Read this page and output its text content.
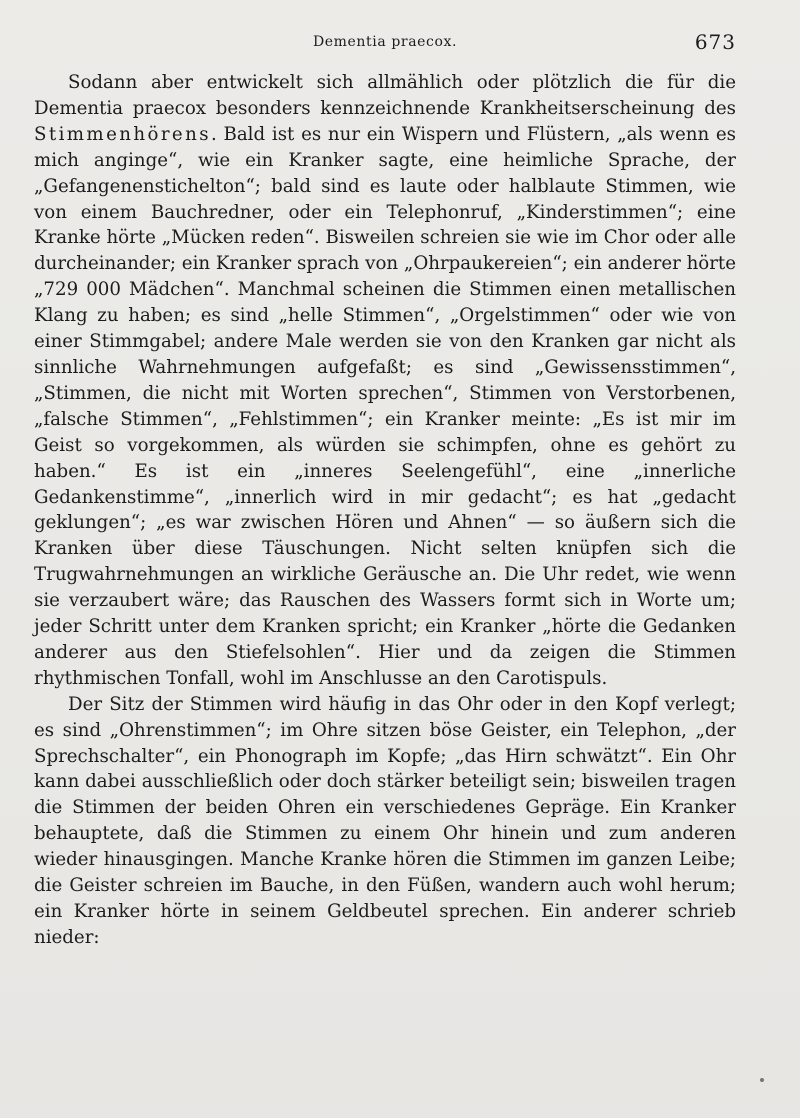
Dementia praecox.	673

Sodann aber entwickelt sich allmählich oder plötzlich die für die Dementia praecox besonders kennzeichnende Krankheitserscheinung des Stimmenhörens. Bald ist es nur ein Wispern und Flüstern, „als wenn es mich anginge“, wie ein Kranker sagte, eine heimliche Sprache, der „Gefangenenstichelton“; bald sind es laute oder halblaute Stimmen, wie von einem Bauchredner, oder ein Telephonruf, „Kinderstimmen“; eine Kranke hörte „Mücken reden“. Bisweilen schreien sie wie im Chor oder alle durcheinander; ein Kranker sprach von „Ohrpaukereien“; ein anderer hörte „729 000 Mädchen“. Manchmal scheinen die Stimmen einen metallischen Klang zu haben; es sind „helle Stimmen“, „Orgelstimmen“ oder wie von einer Stimmgabel; andere Male werden sie von den Kranken gar nicht als sinnliche Wahrnehmungen aufgefaßt; es sind „Gewissensstimmen“, „Stimmen, die nicht mit Worten sprechen“, Stimmen von Verstorbenen, „falsche Stimmen“, „Fehlstimmen“; ein Kranker meinte: „Es ist mir im Geist so vorgekommen, als würden sie schimpfen, ohne es gehört zu haben.“ Es ist ein „inneres Seelengefühl“, eine „innerliche Gedankenstimme“, „innerlich wird in mir gedacht“; es hat „gedacht geklungen“; „es war zwischen Hören und Ahnen“ — so äußern sich die Kranken über diese Täuschungen. Nicht selten knüpfen sich die Trugwahrnehmungen an wirkliche Geräusche an. Die Uhr redet, wie wenn sie verzaubert wäre; das Rauschen des Wassers formt sich in Worte um; jeder Schritt unter dem Kranken spricht; ein Kranker „hörte die Gedanken anderer aus den Stiefelsohlen“. Hier und da zeigen die Stimmen rhythmischen Tonfall, wohl im Anschlusse an den Carotispuls.

Der Sitz der Stimmen wird häufig in das Ohr oder in den Kopf verlegt; es sind „Ohrenstimmen“; im Ohre sitzen böse Geister, ein Telephon, „der Sprechschalter“, ein Phonograph im Kopfe; „das Hirn schwätzt“. Ein Ohr kann dabei ausschließlich oder doch stärker beteiligt sein; bisweilen tragen die Stimmen der beiden Ohren ein verschiedenes Gepräge. Ein Kranker behauptete, daß die Stimmen zu einem Ohr hinein und zum anderen wieder hinausgingen. Manche Kranke hören die Stimmen im ganzen Leibe; die Geister schreien im Bauche, in den Füßen, wandern auch wohl herum; ein Kranker hörte in seinem Geldbeutel sprechen. Ein anderer schrieb nieder:
